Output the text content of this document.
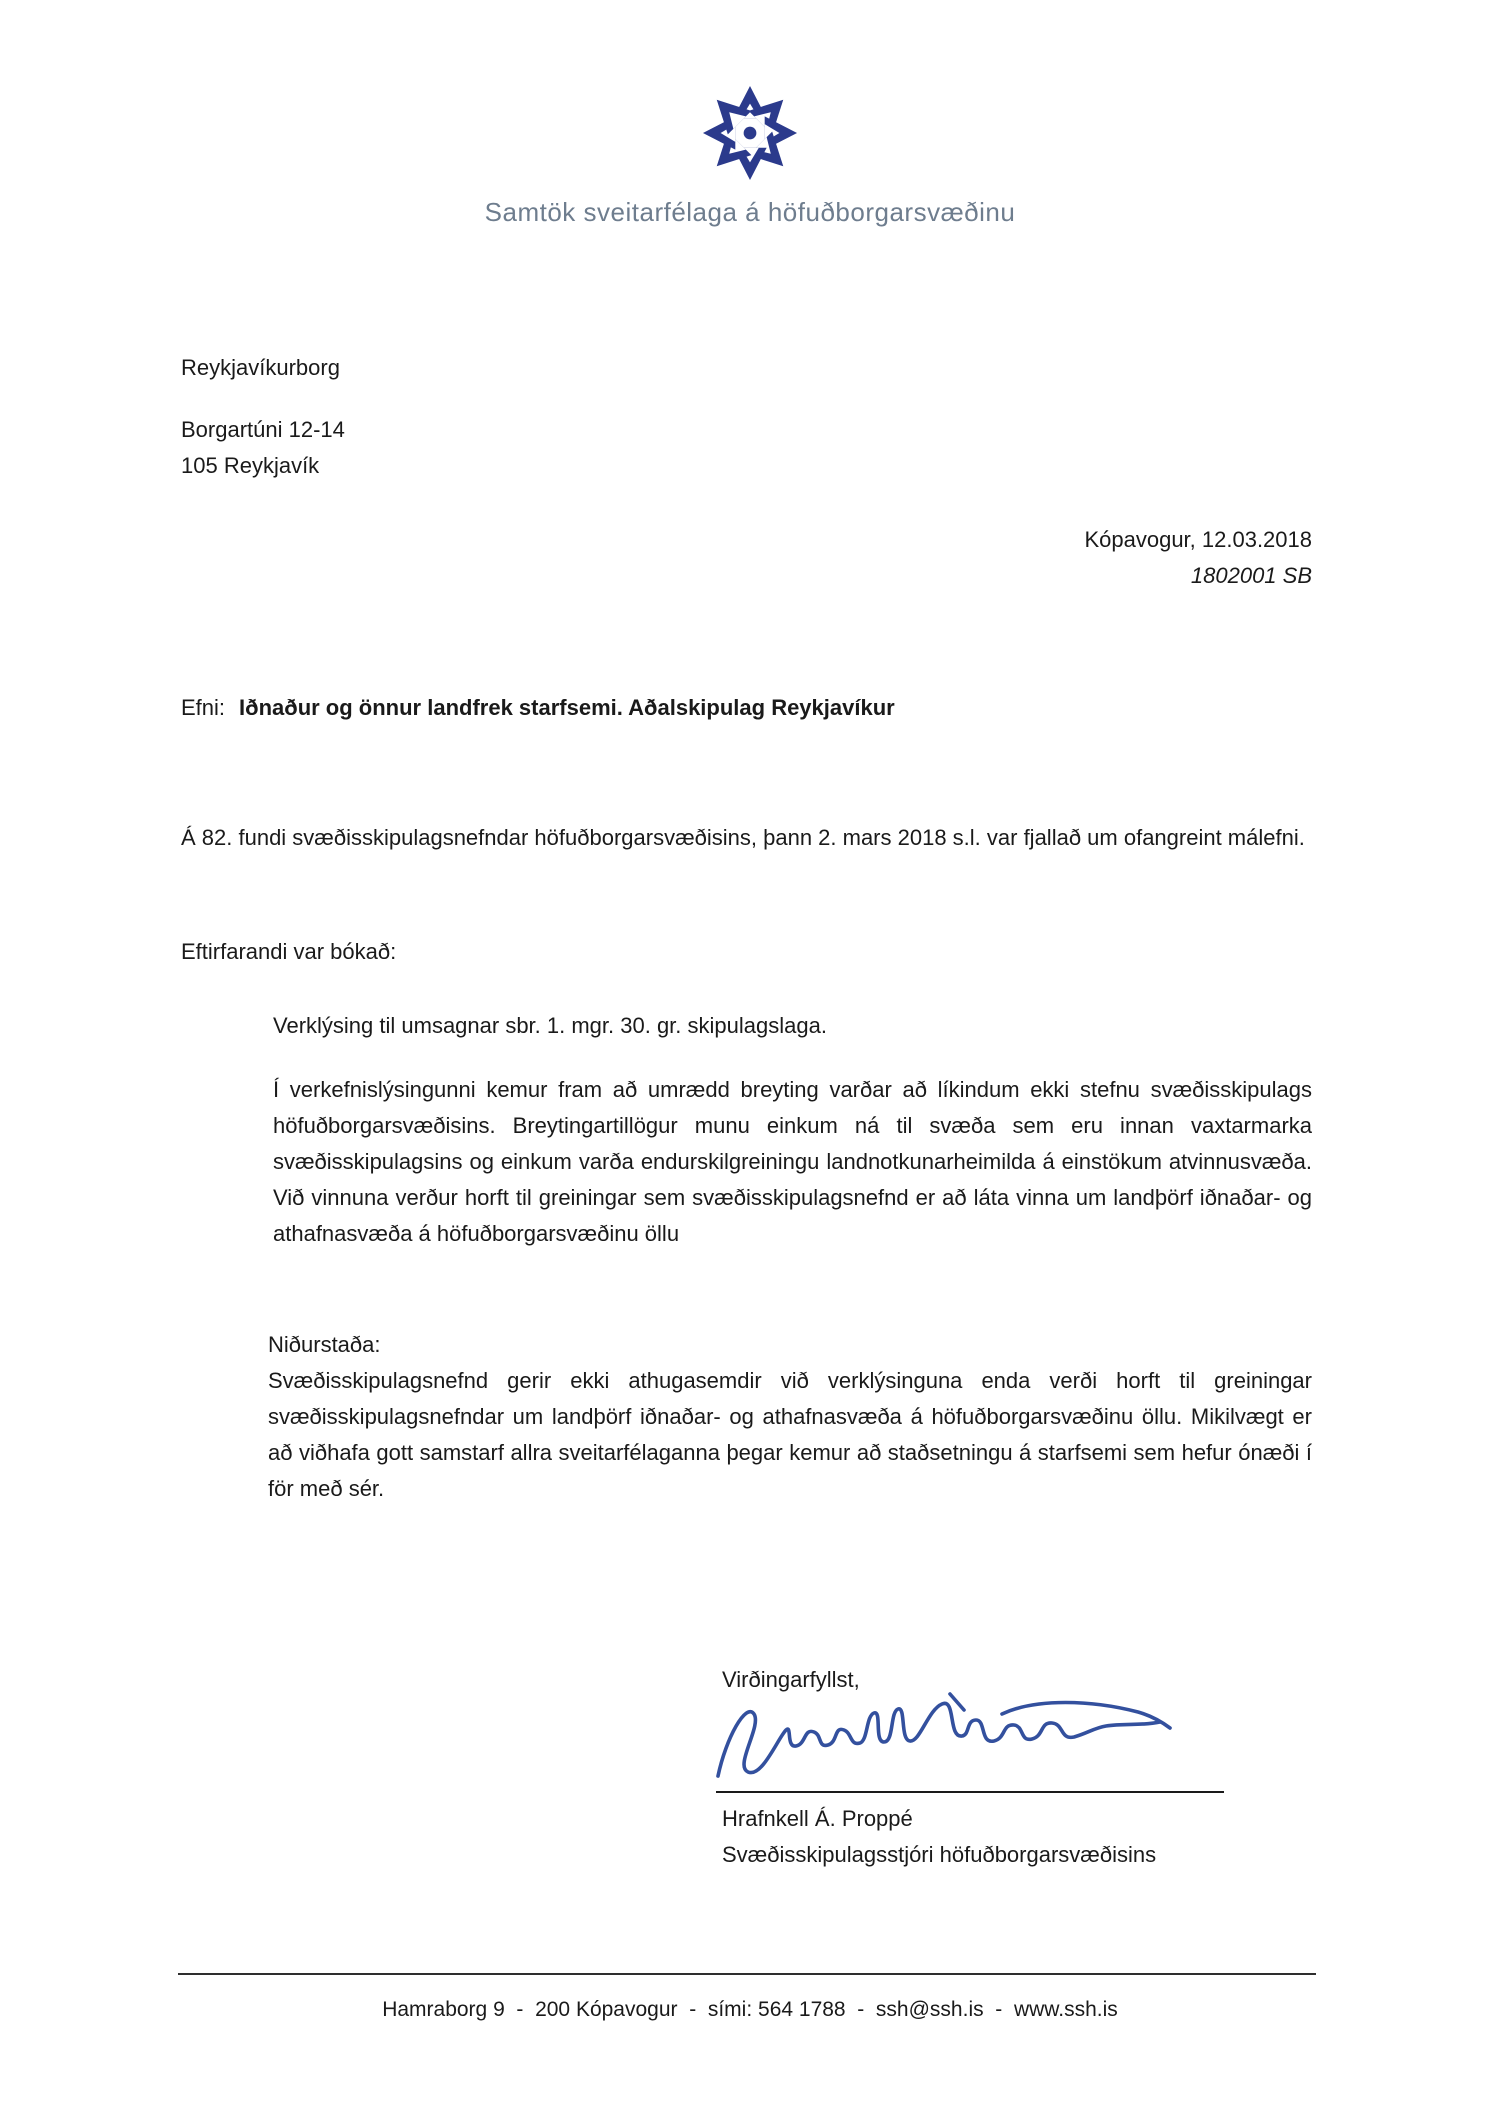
Samtök sveitarfélaga á höfuðborgarsvæðinu
Reykjavíkurborg
Borgartúni 12-14
105 Reykjavík
Kópavogur, 12.03.2018
1802001 SB
Efni: Iðnaður og önnur landfrek starfsemi. Aðalskipulag Reykjavíkur
Á 82. fundi svæðisskipulagsnefndar höfuðborgarsvæðisins, þann 2. mars 2018 s.l. var fjallað um ofangreint málefni.
Eftirfarandi var bókað:
Verklýsing til umsagnar sbr. 1. mgr. 30. gr. skipulagslaga.
Í verkefnislýsingunni kemur fram að umrædd breyting varðar að líkindum ekki stefnu svæðisskipulags höfuðborgarsvæðisins. Breytingartillögur munu einkum ná til svæða sem eru innan vaxtarmarka svæðisskipulagsins og einkum varða endurskilgreiningu landnotkunarheimilda á einstökum atvinnusvæða. Við vinnuna verður horft til greiningar sem svæðisskipulagsnefnd er að láta vinna um landþörf iðnaðar- og athafnasvæða á höfuðborgarsvæðinu öllu
Niðurstaða:
Svæðisskipulagsnefnd gerir ekki athugasemdir við verklýsinguna enda verði horft til greiningar svæðisskipulagsnefndar um landþörf iðnaðar- og athafnasvæða á höfuðborgarsvæðinu öllu. Mikilvægt er að viðhafa gott samstarf allra sveitarfélaganna þegar kemur að staðsetningu á starfsemi sem hefur ónæði í för með sér.
Virðingarfyllst,
Hrafnkell Á. Proppé
Svæðisskipulagsstjóri höfuðborgarsvæðisins
Hamraborg 9  -  200 Kópavogur  -  sími: 564 1788  -  ssh@ssh.is  -  www.ssh.is
